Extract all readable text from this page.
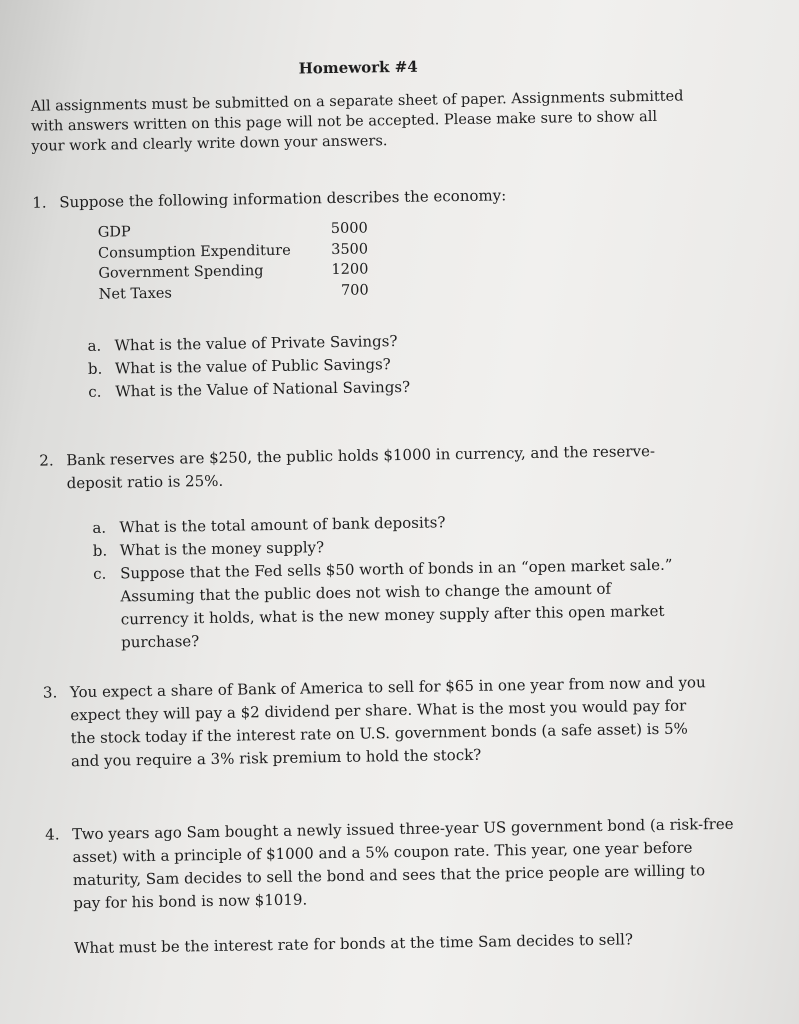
Homework #4
All assignments must be submitted on a separate sheet of paper. Assignments submitted with answers written on this page will not be accepted. Please make sure to show all your work and clearly write down your answers.
1. Suppose the following information describes the economy:
GDP	5000
Consumption Expenditure	3500
Government Spending	1200
Net Taxes	700
a. What is the value of Private Savings?
b. What is the value of Public Savings?
c. What is the Value of National Savings?
2. Bank reserves are $250, the public holds $1000 in currency, and the reserve-deposit ratio is 25%.
a. What is the total amount of bank deposits?
b. What is the money supply?
c. Suppose that the Fed sells $50 worth of bonds in an “open market sale.” Assuming that the public does not wish to change the amount of currency it holds, what is the new money supply after this open market purchase?
3. You expect a share of Bank of America to sell for $65 in one year from now and you expect they will pay a $2 dividend per share. What is the most you would pay for the stock today if the interest rate on U.S. government bonds (a safe asset) is 5% and you require a 3% risk premium to hold the stock?
4. Two years ago Sam bought a newly issued three-year US government bond (a risk-free asset) with a principle of $1000 and a 5% coupon rate. This year, one year before maturity, Sam decides to sell the bond and sees that the price people are willing to pay for his bond is now $1019.
What must be the interest rate for bonds at the time Sam decides to sell?
